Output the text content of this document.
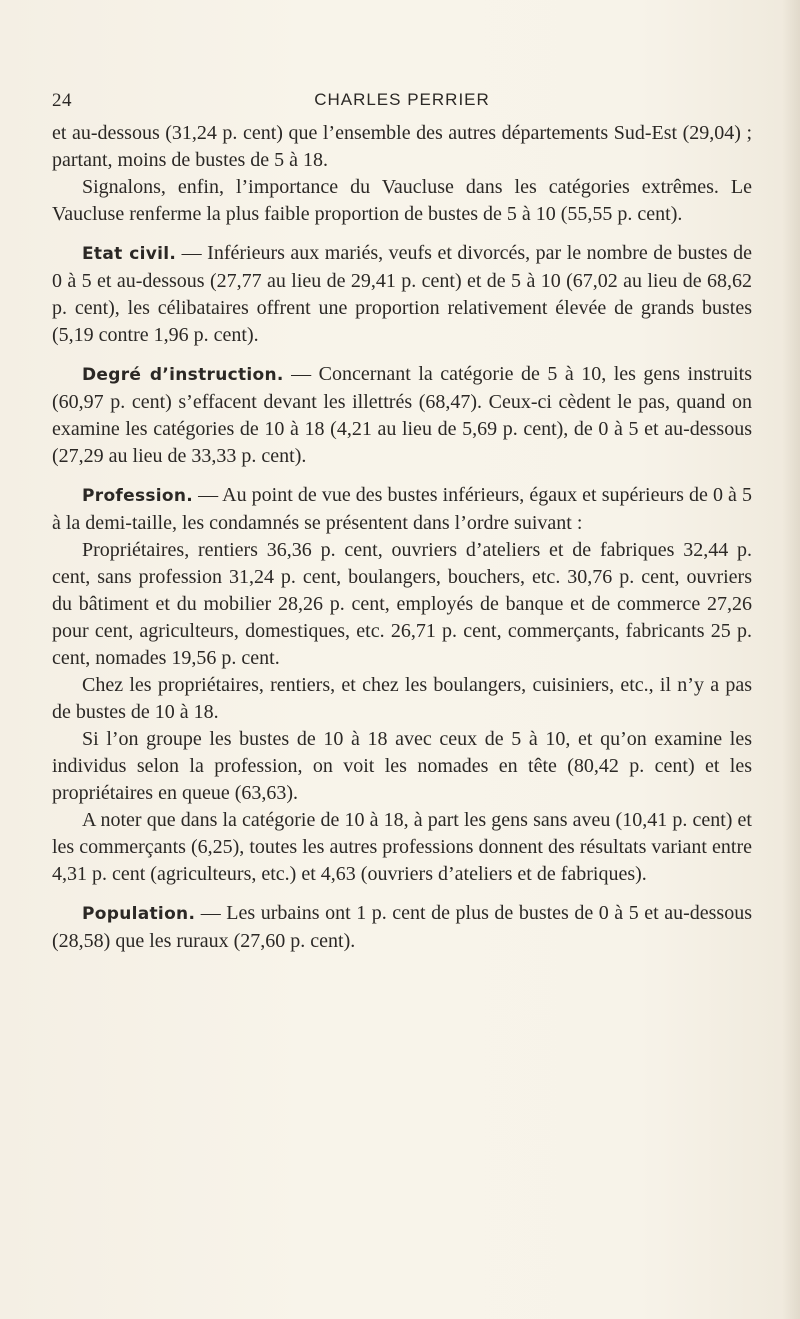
24	CHARLES PERRIER

et au-dessous (31,24 p. cent) que l’ensemble des autres départements Sud-Est (29,04) ; partant, moins de bustes de 5 à 18.

Signalons, enfin, l’importance du Vaucluse dans les catégories extrêmes. Le Vaucluse renferme la plus faible proportion de bustes de 5 à 10 (55,55 p. cent).

Etat civil. — Inférieurs aux mariés, veufs et divorcés, par le nombre de bustes de 0 à 5 et au-dessous (27,77 au lieu de 29,41 p. cent) et de 5 à 10 (67,02 au lieu de 68,62 p. cent), les célibataires offrent une proportion relativement élevée de grands bustes (5,19 contre 1,96 p. cent).

Degré d’instruction. — Concernant la catégorie de 5 à 10, les gens instruits (60,97 p. cent) s’effacent devant les illettrés (68,47). Ceux-ci cèdent le pas, quand on examine les catégories de 10 à 18 (4,21 au lieu de 5,69 p. cent), de 0 à 5 et au-dessous (27,29 au lieu de 33,33 p. cent).

Profession. — Au point de vue des bustes inférieurs, égaux et supérieurs de 0 à 5 à la demi-taille, les condamnés se présentent dans l’ordre suivant :

Propriétaires, rentiers 36,36 p. cent, ouvriers d’ateliers et de fabriques 32,44 p. cent, sans profession 31,24 p. cent, boulangers, bouchers, etc. 30,76 p. cent, ouvriers du bâtiment et du mobilier 28,26 p. cent, employés de banque et de commerce 27,26 pour cent, agriculteurs, domestiques, etc. 26,71 p. cent, commerçants, fabricants 25 p. cent, nomades 19,56 p. cent.

Chez les propriétaires, rentiers, et chez les boulangers, cuisiniers, etc., il n’y a pas de bustes de 10 à 18.

Si l’on groupe les bustes de 10 à 18 avec ceux de 5 à 10, et qu’on examine les individus selon la profession, on voit les nomades en tête (80,42 p. cent) et les propriétaires en queue (63,63).

A noter que dans la catégorie de 10 à 18, à part les gens sans aveu (10,41 p. cent) et les commerçants (6,25), toutes les autres professions donnent des résultats variant entre 4,31 p. cent (agriculteurs, etc.) et 4,63 (ouvriers d’ateliers et de fabriques).

Population. — Les urbains ont 1 p. cent de plus de bustes de 0 à 5 et au-dessous (28,58) que les ruraux (27,60 p. cent).
